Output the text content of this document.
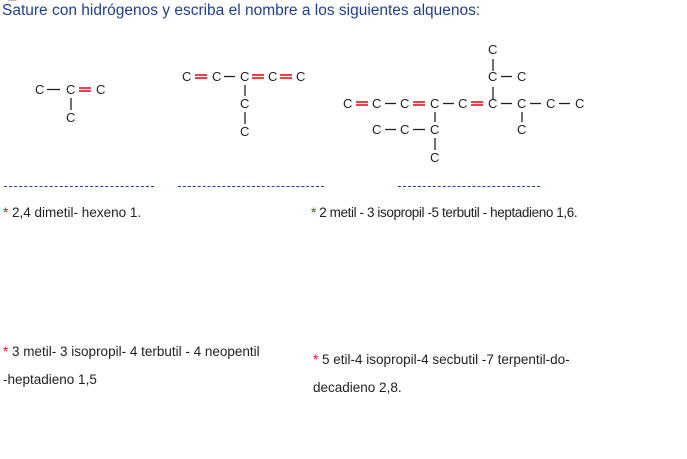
Sature con hidrógenos y escriba el nombre a los siguientes alquenos:
C C C
C
C C C C C
C
C
C C C C C C C C C
C C C
C
C C
C
C
* 2,4 dimetil- hexeno 1.	* 2 metil - 3 isopropil -5 terbutil - heptadieno 1,6.
* 3 metil- 3 isopropil- 4 terbutil - 4 neopentil
-heptadieno 1,5
* 5 etil-4 isopropil-4 secbutil -7 terpentil-do-
decadieno 2,8.
